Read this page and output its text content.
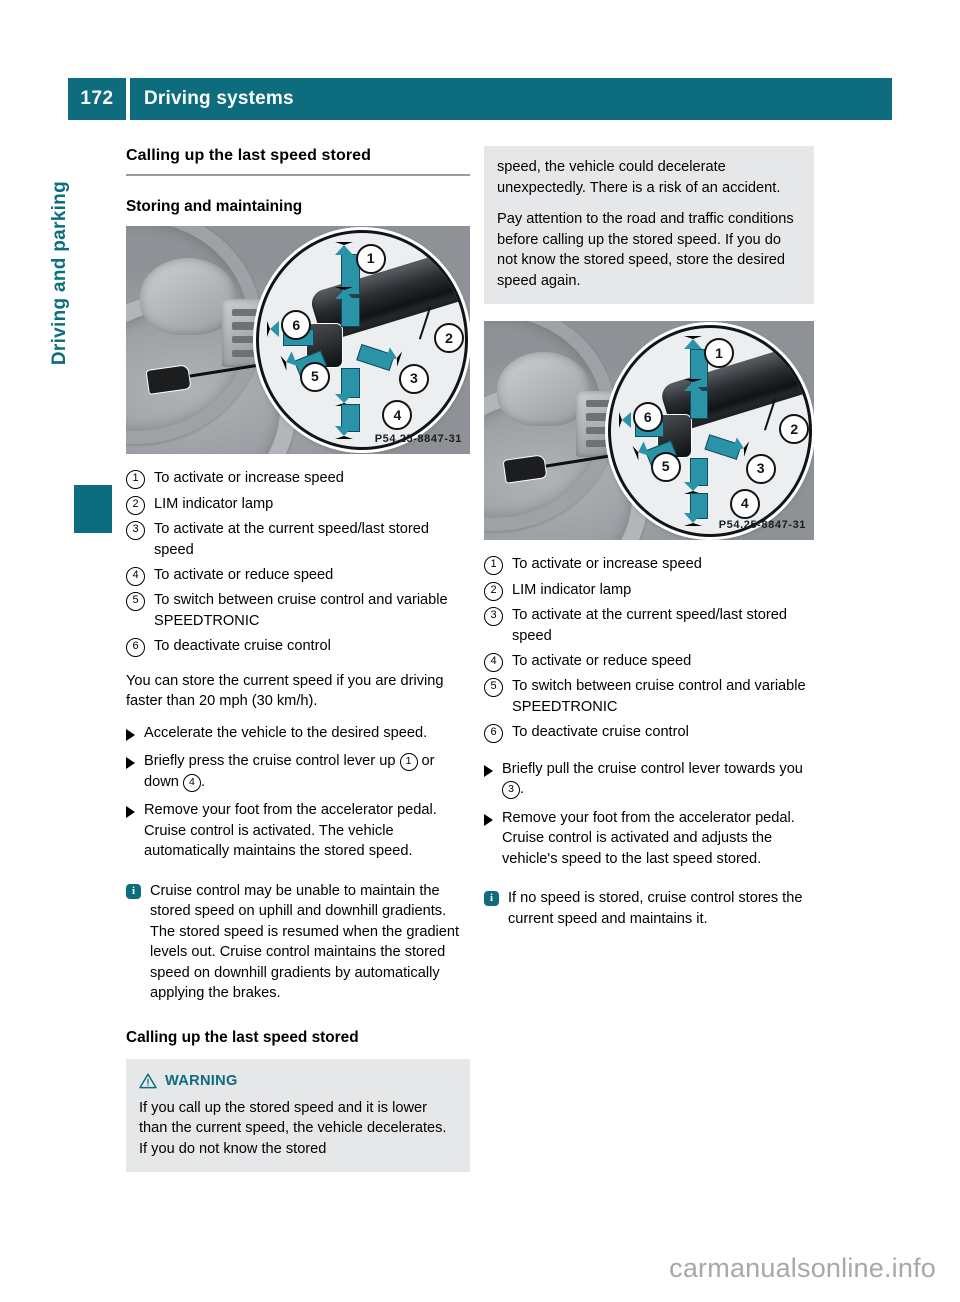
172	Driving systems
Driving and parking
Calling up the last speed stored
Storing and maintaining
1
2
3
4
5
6
P54.25-8847-31
1	To activate or increase speed
2	LIM indicator lamp
3	To activate at the current speed/last stored speed
4	To activate or reduce speed
5	To switch between cruise control and variable SPEEDTRONIC
6	To deactivate cruise control

You can store the current speed if you are driving faster than 20 mph (30 km/h).

Accelerate the vehicle to the desired speed.
Briefly press the cruise control lever up 1 or down 4 .
Remove your foot from the accelerator pedal.
Cruise control is activated. The vehicle automatically maintains the stored speed.
i	Cruise control may be unable to maintain the stored speed on uphill and downhill gradients. The stored speed is resumed when the gradient levels out. Cruise control maintains the stored speed on downhill gradients by automatically applying the brakes.
Calling up the last speed stored
WARNING

If you call up the stored speed and it is lower than the current speed, the vehicle decelerates. If you do not know the stored

speed, the vehicle could decelerate unexpectedly. There is a risk of an accident.

Pay attention to the road and traffic conditions before calling up the stored speed. If you do not know the stored speed, store the desired speed again.

1
2
3
4
5
6
P54.25-8847-31
1	To activate or increase speed
2	LIM indicator lamp
3	To activate at the current speed/last stored speed
4	To activate or reduce speed
5	To switch between cruise control and variable SPEEDTRONIC
6	To deactivate cruise control
Briefly pull the cruise control lever towards you 3 .
Remove your foot from the accelerator pedal.
Cruise control is activated and adjusts the vehicle's speed to the last speed stored.
i	If no speed is stored, cruise control stores the current speed and maintains it.
carmanualsonline.info
